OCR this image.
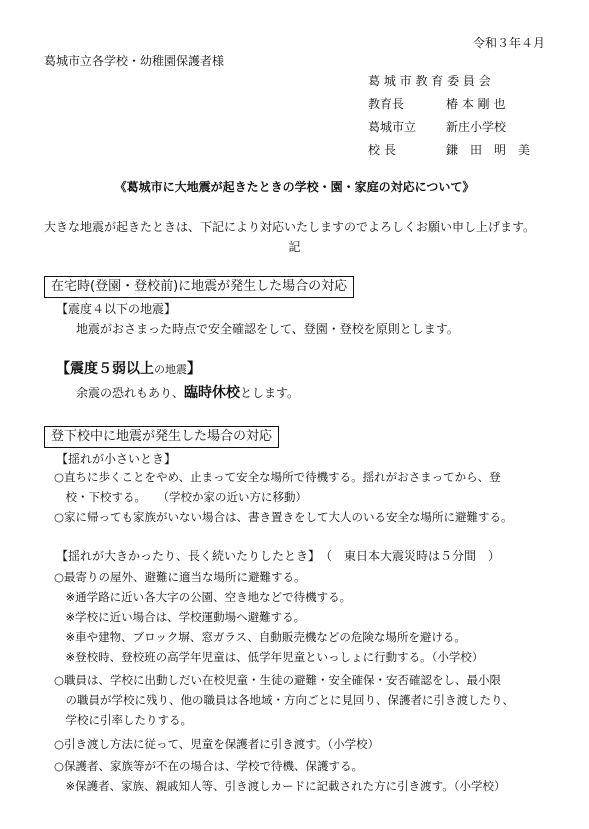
令和３年４月
葛城市立各学校・幼稚園保護者様
葛 城 市 教 育 委 員 会
教育長	椿 本 剛 也
葛城市立 新庄小学校
校 長	鎌　田　明　美
《葛城市に大地震が起きたときの学校・園・家庭の対応について》
大きな地震が起きたときは、下記により対応いたしますのでよろしくお願い申し上げます。
記
在宅時(登園・登校前)に地震が発生した場合の対応
【震度４以下の地震】
地震がおさまった時点で安全確認をして、登園・登校を原則とします。
【震度５弱以上の地震】
余震の恐れもあり、臨時休校とします。
登下校中に地震が発生した場合の対応
【揺れが小さいとき】
○直ちに歩くことをやめ、止まって安全な場所で待機する。揺れがおさまってから、登
　校・下校する。　　（学校か家の近い方に移動）
○家に帰っても家族がいない場合は、書き置きをして大人のいる安全な場所に避難する。
【揺れが大きかったり、長く続いたりしたとき】　（　東日本大震災時は５分間　）
○最寄りの屋外、避難に適当な場所に避難する。
　※通学路に近い各大字の公園、空き地などで待機する。
　※学校に近い場合は、学校運動場へ避難する。
　※車や建物、ブロック塀、窓ガラス、自動販売機などの危険な場所を避ける。
　※登校時、登校班の高学年児童は、低学年児童といっしょに行動する。（小学校）
○職員は、学校に出動しだい在校児童・生徒の避難・安全確保・安否確認をし、最小限
　の職員が学校に残り、他の職員は各地域・方向ごとに見回り、保護者に引き渡したり、
　学校に引率したりする。
○引き渡し方法に従って、児童を保護者に引き渡す。（小学校）
○保護者、家族等が不在の場合は、学校で待機、保護する。
　※保護者、家族、親戚知人等、引き渡しカードに記載された方に引き渡す。（小学校）
